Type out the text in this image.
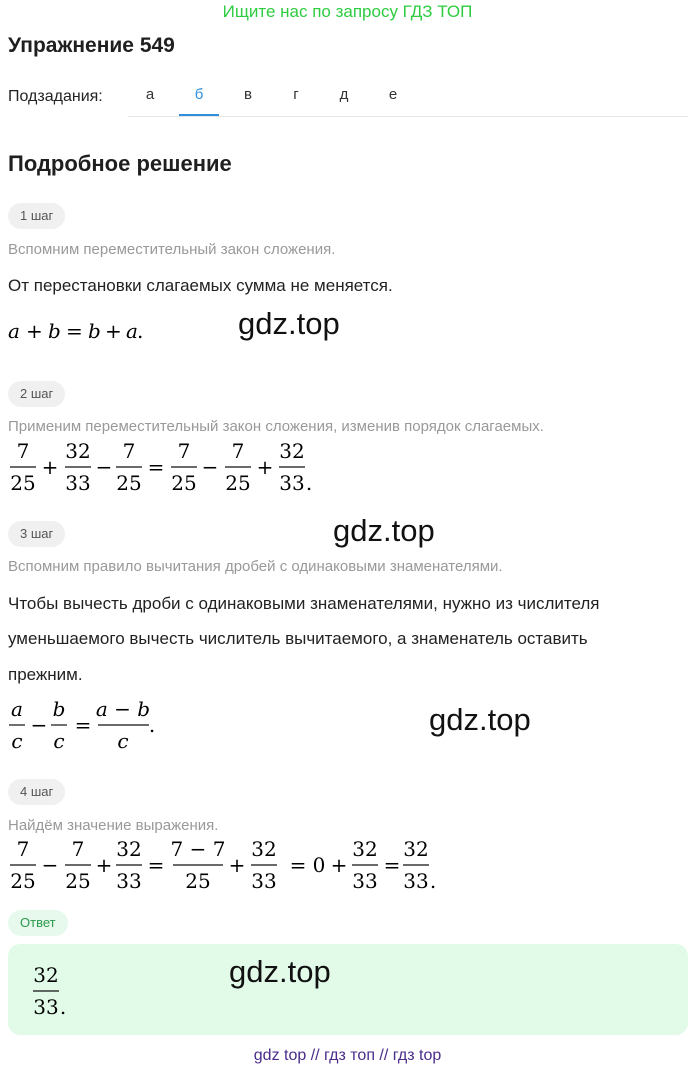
Ищите нас по запросу ГДЗ ТОП
Упражнение 549
Подзадания:	а	б	в	г	д	е
Подробное решение
1 шаг
Вспомним переместительный закон сложения.
От перестановки слагаемых сумма не меняется.
a + b = b + a .	gdz.top
2 шаг
Применим переместительный закон сложения, изменив порядок слагаемых.
7
25
+
32
33
−
7
25
=
7
25
−
7
25
+
32
33 .
gdz.top
3 шаг
Вспомним правило вычитания дробей с одинаковыми знаменателями.
Чтобы вычесть дроби с одинаковыми знаменателями, нужно из числителя
уменьшаемого вычесть числитель вычитаемого, а знаменатель оставить
прежним.
a
c
−
b
c
=
a − b
c
.	gdz.top
4 шаг
Найдём значение выражения.
7
25
−
7
25
+
32
33
=
7 − 7
25
+
32
33
= 0 +
32
33
=
32
33 .
Ответ
32
33 .
gdz.top
gdz top // гдз топ // гдз top
